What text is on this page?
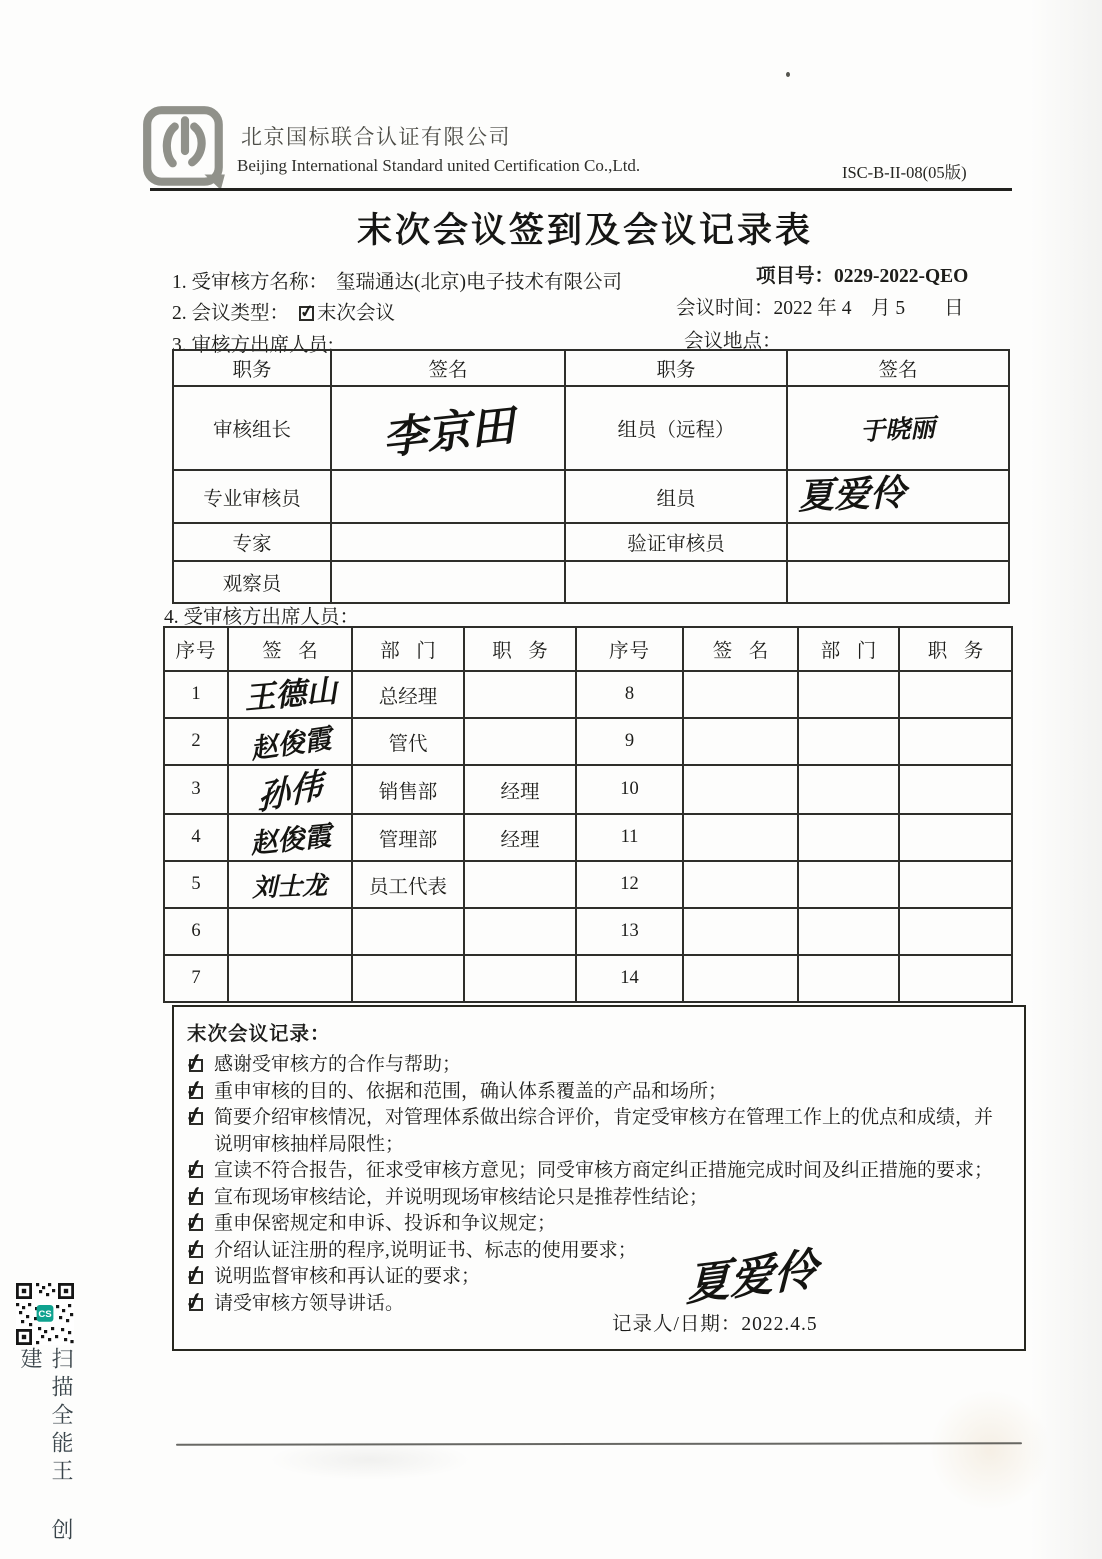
北京国标联合认证有限公司
Beijing International Standard united Certification Co.,Ltd.	ISC-B-II-08(05版)
末次会议签到及会议记录表
1. 受审核方名称： 玺瑞通达(北京)电子技术有限公司	项目号：0229-2022-QEO
2. 会议类型： ✓ 末次会议	会议时间：2022 年 4　月 5　　日
3. 审核方出席人员:	会议地点：
职务	签名	职务	签名
审核组长	李京田	组员（远程）	于晓丽
专业审核员		组员	夏爱伶
专家		验证审核员	
观察员			
4. 受审核方出席人员：
序号	签名	部门	职务	序号	签名	部门	职务
1	王德山	总经理		8			
2	赵俊霞	管代		9			
3	孙伟	销售部	经理	10			
4	赵俊霞	管理部	经理	11			
5	刘士龙	员工代表		12			
6				13			
7				14			
末次会议记录：
✓
感谢受审核方的合作与帮助；
✓
重申审核的目的、依据和范围，确认体系覆盖的产品和场所；
✓
简要介绍审核情况，对管理体系做出综合评价，肯定受审核方在管理工作上的优点和成绩，并说明审核抽样局限性；
✓
宣读不符合报告，征求受审核方意见；同受审核方商定纠正措施完成时间及纠正措施的要求；
✓
宣布现场审核结论，并说明现场审核结论只是推荐性结论；
✓
重申保密规定和申诉、投诉和争议规定；
✓
介绍认证注册的程序,说明证书、标志的使用要求；
✓
说明监督审核和再认证的要求；
✓
请受审核方领导讲话。	夏爱伶
记录人/日期：2022.4.5
CS
扫描全能王 创建
